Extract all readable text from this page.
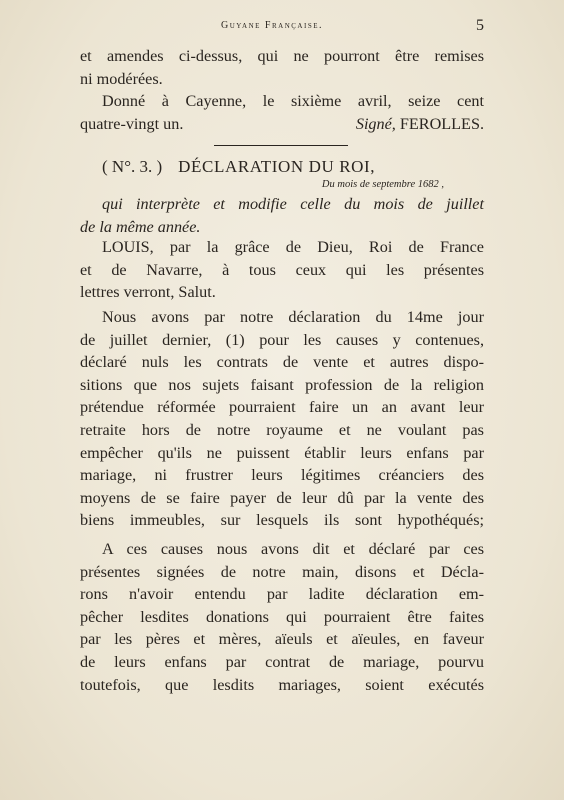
Guyane Française.	5
et amendes ci-dessus, qui ne pourront être remises
ni modérées.
Donné à Cayenne, le sixième avril, seize cent
quatre-vingt un.	Signé, FEROLLES.
( N°. 3. ) DÉCLARATION DU ROI,
Du mois de septembre 1682 ,
qui interprète et modifie celle du mois de juillet
de la même année.
LOUIS, par la grâce de Dieu, Roi de France
et de Navarre, à tous ceux qui les présentes
lettres verront, Salut.
Nous avons par notre déclaration du 14me jour
de juillet dernier, (1) pour les causes y contenues,
déclaré nuls les contrats de vente et autres dispo-
sitions que nos sujets faisant profession de la religion
prétendue réformée pourraient faire un an avant leur
retraite hors de notre royaume et ne voulant pas
empêcher qu'ils ne puissent établir leurs enfans par
mariage, ni frustrer leurs légitimes créanciers des
moyens de se faire payer de leur dû par la vente des
biens immeubles, sur lesquels ils sont hypothéqués;
A ces causes nous avons dit et déclaré par ces
présentes signées de notre main, disons et Décla-
rons n'avoir entendu par ladite déclaration em-
pêcher lesdites donations qui pourraient être faites
par les pères et mères, aïeuls et aïeules, en faveur
de leurs enfans par contrat de mariage, pourvu
toutefois, que lesdits mariages, soient exécutés
